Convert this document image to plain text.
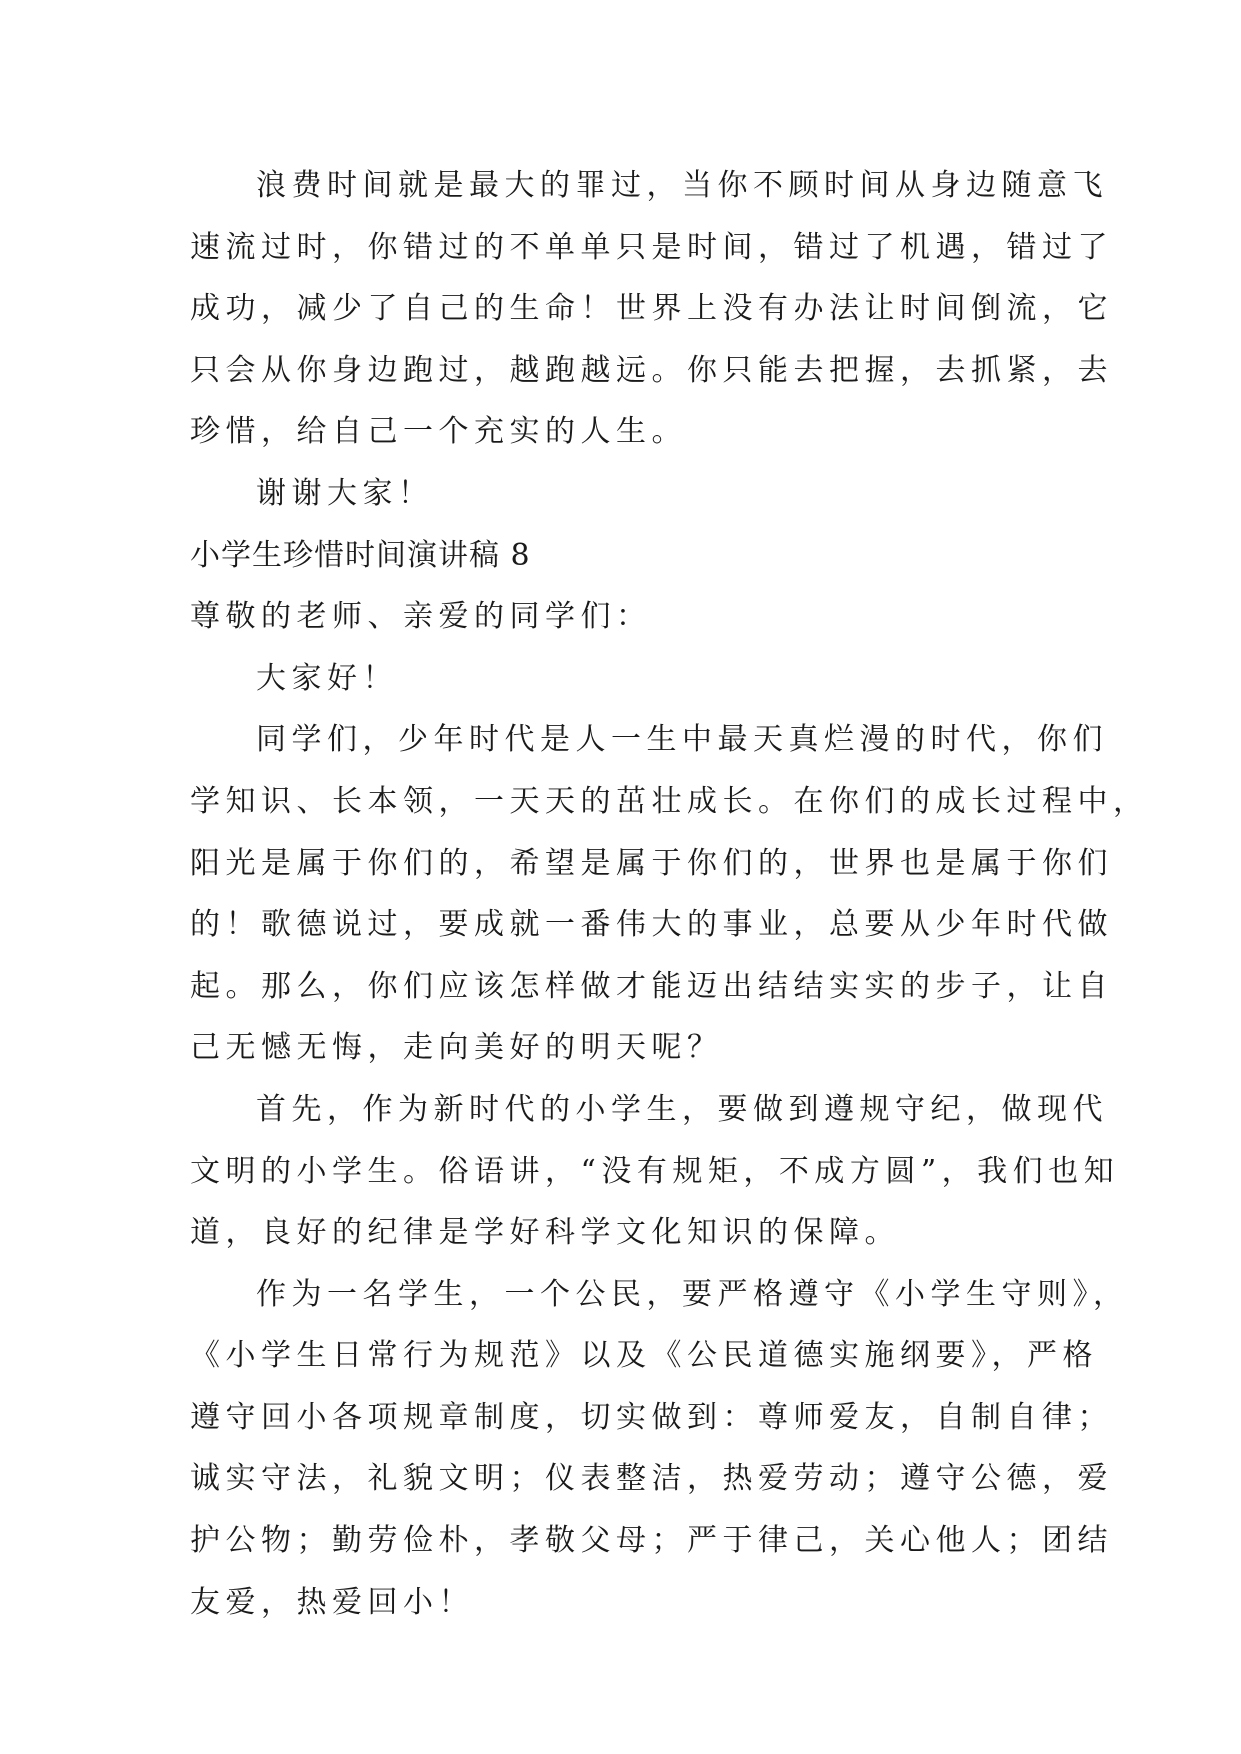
浪费时间就是最大的罪过，当你不顾时间从身边随意飞
速流过时，你错过的不单单只是时间，错过了机遇，错过了
成功，减少了自己的生命！世界上没有办法让时间倒流，它
只会从你身边跑过，越跑越远。你只能去把握，去抓紧，去
珍惜，给自己一个充实的人生。
谢谢大家！
小学生珍惜时间演讲稿 8
尊敬的老师、亲爱的同学们：
大家好！
同学们，少年时代是人一生中最天真烂漫的时代，你们
学知识、长本领，一天天的茁壮成长。在你们的成长过程中，
阳光是属于你们的，希望是属于你们的，世界也是属于你们
的！歌德说过，要成就一番伟大的事业，总要从少年时代做
起。那么，你们应该怎样做才能迈出结结实实的步子，让自
己无憾无悔，走向美好的明天呢？
首先，作为新时代的小学生，要做到遵规守纪，做现代
文明的小学生。俗语讲，“没有规矩，不成方圆”，我们也知
道，良好的纪律是学好科学文化知识的保障。
作为一名学生，一个公民，要严格遵守《小学生守则》，
《小学生日常行为规范》以及《公民道德实施纲要》，严格
遵守回小各项规章制度，切实做到：尊师爱友，自制自律；
诚实守法，礼貌文明；仪表整洁，热爱劳动；遵守公德，爱
护公物；勤劳俭朴，孝敬父母；严于律己，关心他人；团结
友爱，热爱回小！
